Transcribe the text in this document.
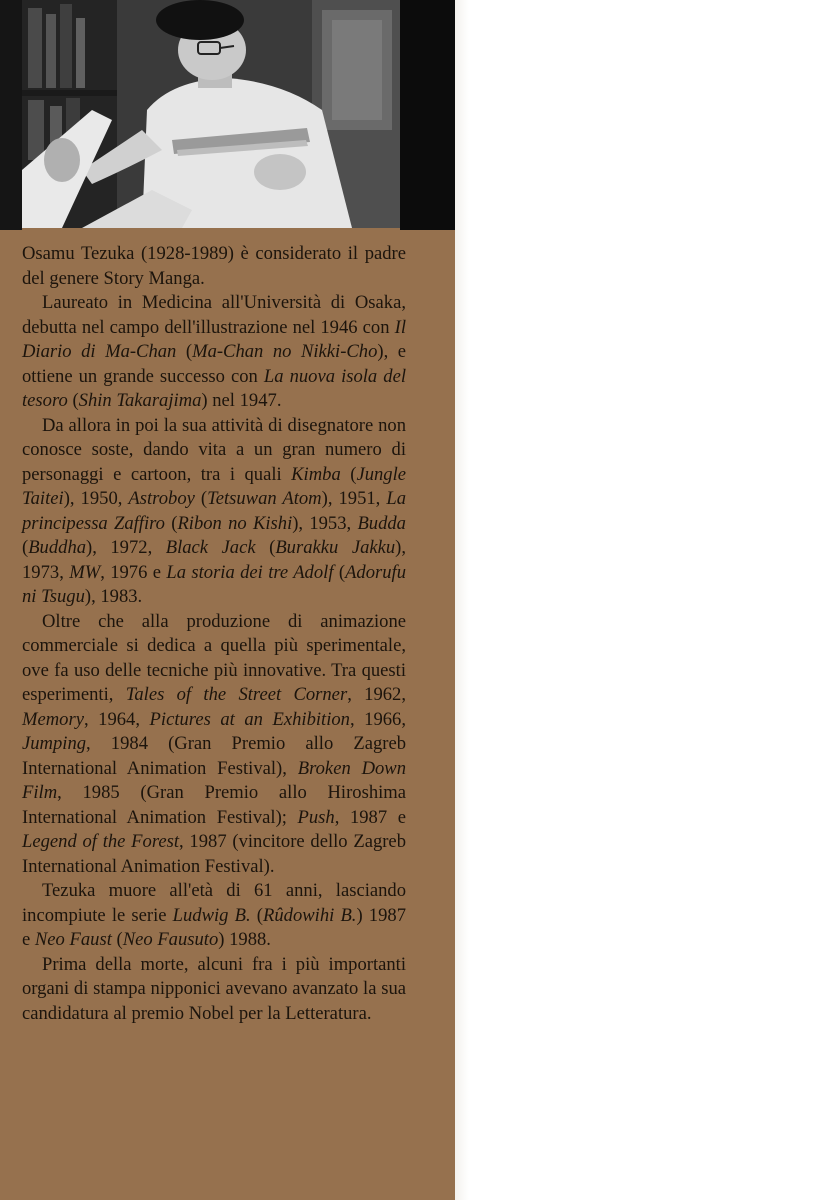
Osamu Tezuka (1928-1989) è considerato il padre del genere Story Manga.

Laureato in Medicina all'Università di Osaka, debutta nel campo dell'illustrazione nel 1946 con Il Diario di Ma-Chan (Ma-Chan no Nikki-Cho), e ottiene un grande successo con La nuova isola del tesoro (Shin Takarajima) nel 1947.

Da allora in poi la sua attività di disegnatore non conosce soste, dando vita a un gran numero di personaggi e cartoon, tra i quali Kimba (Jungle Taitei), 1950, Astroboy (Tetsuwan Atom), 1951, La principessa Zaffiro (Ribon no Kishi), 1953, Budda (Buddha), 1972, Black Jack (Burakku Jakku), 1973, MW, 1976 e La storia dei tre Adolf (Adorufu ni Tsugu), 1983.

Oltre che alla produzione di animazione commerciale si dedica a quella più sperimentale, ove fa uso delle tecniche più innovative. Tra questi esperimenti, Tales of the Street Corner, 1962, Memory, 1964, Pictures at an Exhibition, 1966, Jumping, 1984 (Gran Premio allo Zagreb International Animation Festival), Broken Down Film, 1985 (Gran Premio allo Hiroshima International Animation Festival); Push, 1987 e Legend of the Forest, 1987 (vincitore dello Zagreb International Animation Festival).

Tezuka muore all'età di 61 anni, lasciando incompiute le serie Ludwig B. (Rûdowihi B.) 1987 e Neo Faust (Neo Fausuto) 1988.

Prima della morte, alcuni fra i più importanti organi di stampa nipponici avevano avanzato la sua candidatura al premio Nobel per la Letteratura.
